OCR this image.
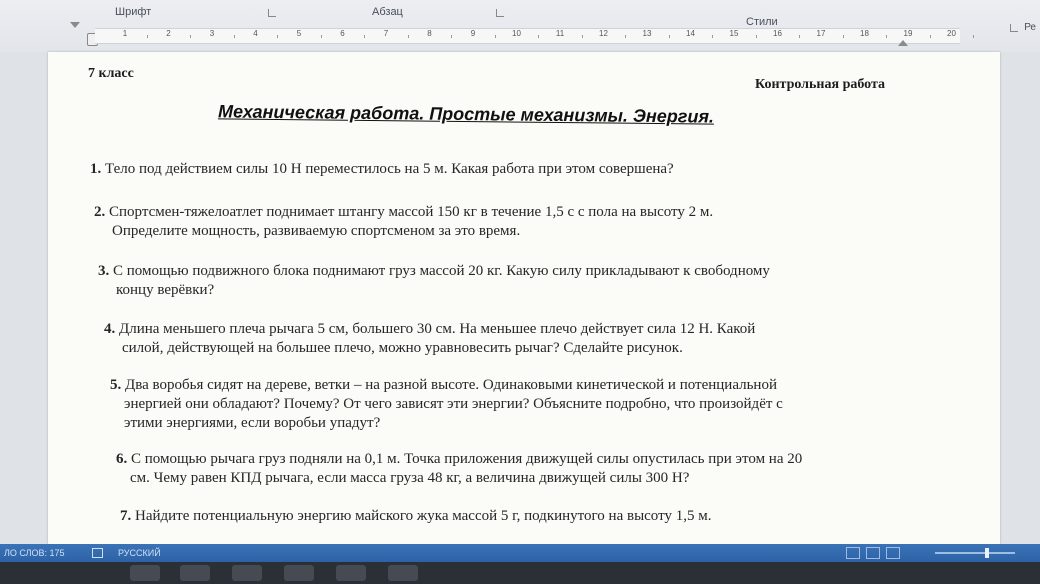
Шрифт	Абзац
Стили	Ре
1	2	3	4	5	6	7	8	9	10	11	12	13	14	15	16	17	18	19	20
7 класс
Контрольная работа
Механическая работа. Простые механизмы. Энергия.
1. Тело под действием силы 10 Н переместилось на 5 м. Какая работа при этом совершена?
2. Спортсмен-тяжелоатлет поднимает штангу массой 150 кг в течение 1,5 с с пола на высоту 2 м.
Определите мощность, развиваемую спортсменом за это время.
3. С помощью подвижного блока поднимают груз массой 20 кг. Какую силу прикладывают к свободному
концу верёвки?
4. Длина меньшего плеча рычага 5 см, большего 30 см. На меньшее плечо действует сила 12 Н. Какой
силой, действующей на большее плечо, можно уравновесить рычаг? Сделайте рисунок.
5. Два воробья сидят на дереве, ветки – на разной высоте. Одинаковыми кинетической и потенциальной
энергией они обладают? Почему? От чего зависят эти энергии? Объясните подробно, что произойдёт с
этими энергиями, если воробьи упадут?
6. С помощью рычага груз подняли на 0,1 м. Точка приложения движущей силы опустилась при этом на 20
см. Чему равен КПД рычага, если масса груза 48 кг, а величина движущей силы 300 Н?
7. Найдите потенциальную энергию майского жука массой 5 г, подкинутого на высоту 1,5 м.
ЛО СЛОВ: 175	РУССКИЙ
